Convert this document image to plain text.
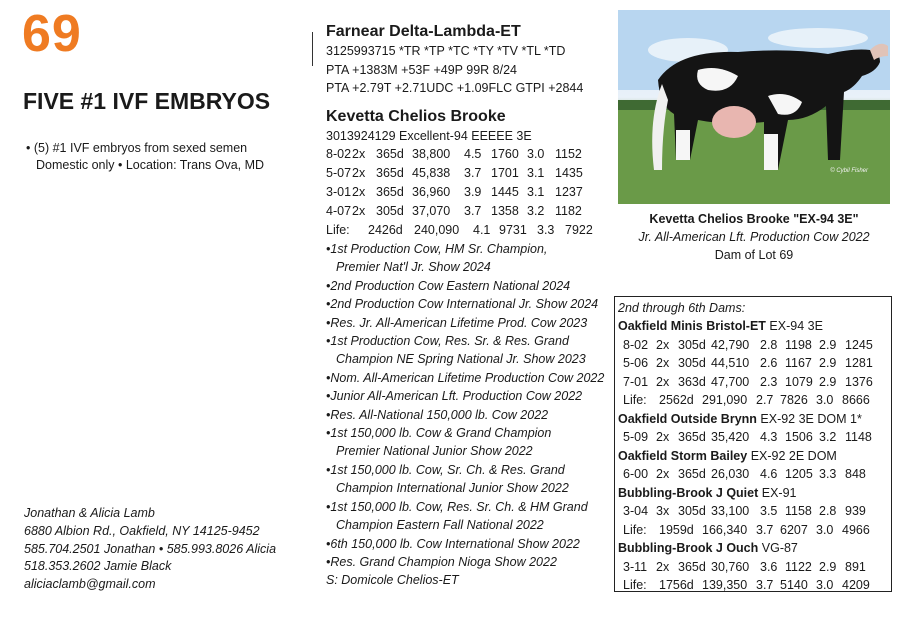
69
FIVE #1 IVF EMBRYOS
• (5) #1 IVF embryos from sexed semen
Domestic only • Location: Trans Ova, MD
Jonathan & Alicia Lamb
6880 Albion Rd., Oakfield, NY 14125-9452
585.704.2501 Jonathan • 585.993.8026 Alicia
518.353.2602 Jamie Black
aliciaclamb@gmail.com
Farnear Delta-Lambda-ET
3125993715 *TR *TP *TC *TY *TV *TL *TD
PTA +1383M +53F +49P 99R 8/24
PTA +2.79T +2.71UDC +1.09FLC GTPI +2844
Kevetta Chelios Brooke
3013924129 Excellent-94 EEEEE 3E
8-022x 365d 38,800 4.5 1760 3.0 1152
5-072x 365d 45,838 3.7 1701 3.1 1435
3-012x 365d 36,960 3.9 1445 3.1 1237
4-072x 305d 37,070 3.7 1358 3.2 1182
Life: 2426d 240,090 4.1 9731 3.3 7922
•1st Production Cow, HM Sr. Champion,
Premier Nat'l Jr. Show 2024
•2nd Production Cow Eastern National 2024
•2nd Production Cow International Jr. Show 2024
•Res. Jr. All-American Lifetime Prod. Cow 2023
•1st Production Cow, Res. Sr. & Res. Grand
Champion NE Spring National Jr. Show 2023
•Nom. All-American Lifetime Production Cow 2022
•Junior All-American Lft. Production Cow 2022
•Res. All-National 150,000 lb. Cow 2022
•1st 150,000 lb. Cow & Grand Champion
Premier National Junior Show 2022
•1st 150,000 lb. Cow, Sr. Ch. & Res. Grand
Champion International Junior Show 2022
•1st 150,000 lb. Cow, Res. Sr. Ch. & HM Grand
Champion Eastern Fall National 2022
•6th 150,000 lb. Cow International Show 2022
•Res. Grand Champion Nioga Show 2022
S: Domicole Chelios-ET
© Cybil Fisher
Kevetta Chelios Brooke "EX-94 3E"
Jr. All-American Lft. Production Cow 2022
Dam of Lot 69
2nd through 6th Dams:
Oakfield Minis Bristol-ET EX-94 3E
8-02 2x 305d 42,790 2.8 1198 2.9 1245
5-06 2x 305d 44,510 2.6 1167 2.9 1281
7-01 2x 363d 47,700 2.3 1079 2.9 1376
Life: 2562d 291,090 2.7 7826 3.0 8666
Oakfield Outside Brynn EX-92 3E DOM 1*
5-09 2x 365d 35,420 4.3 1506 3.2 1148
Oakfield Storm Bailey EX-92 2E DOM
6-00 2x 365d 26,030 4.6 1205 3.3 848
Bubbling-Brook J Quiet EX-91
3-04 3x 305d 33,100 3.5 1158 2.8 939
Life: 1959d 166,340 3.7 6207 3.0 4966
Bubbling-Brook J Ouch VG-87
3-11 2x 365d 30,760 3.6 1122 2.9 891
Life: 1756d 139,350 3.7 5140 3.0 4209
